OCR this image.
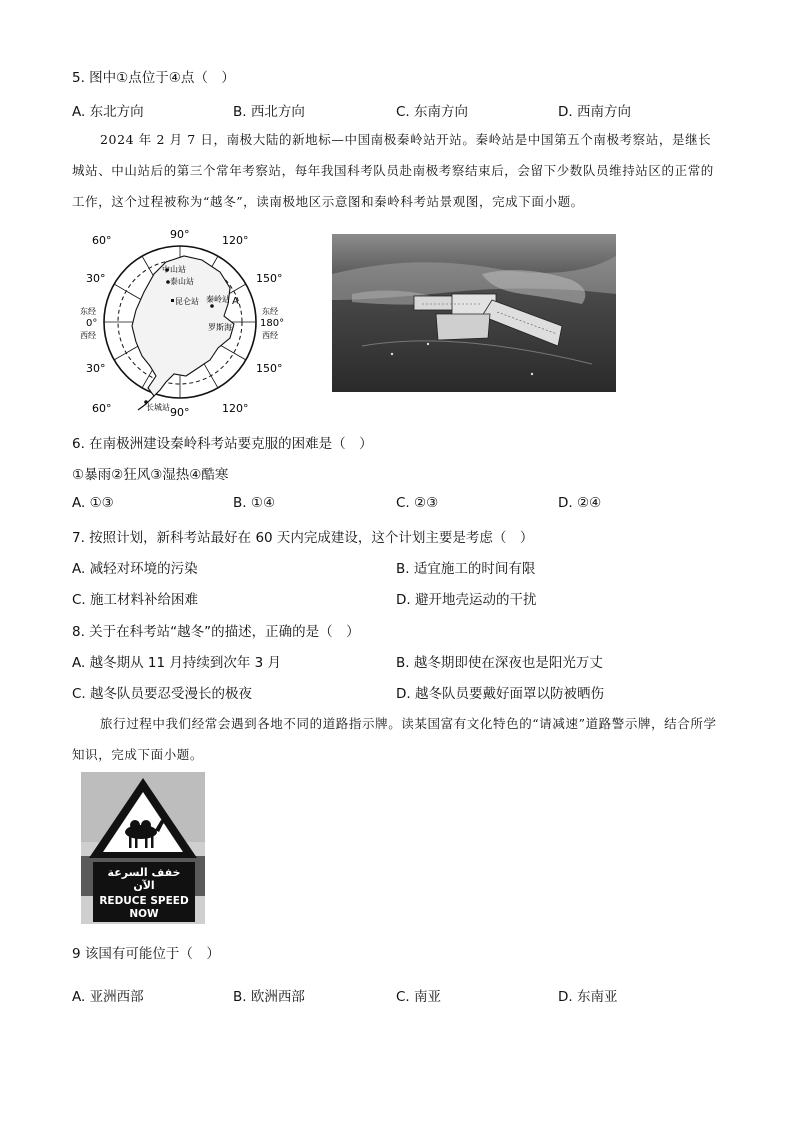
5. 图中①点位于④点（　）
A. 东北方向	B. 西北方向	C. 东南方向	D. 西南方向
2024 年 2 月 7 日，南极大陆的新地标—中国南极秦岭站开站。秦岭站是中国第五个南极考察站，是继长城站、中山站后的第三个常年考察站，每年我国科考队员赴南极考察结束后，会留下少数队员维持站区的正常的工作，这个过程被称为“越冬”，读南极地区示意图和秦岭科考站景观图，完成下面小题。
60°	90°	120°
60°	90°	120°
30°
东经
0°
西经
30°
150°
东经
180°
西经
150°
中山站
泰山站
昆仑站 秦岭站 A
罗斯海
长城站
6. 在南极洲建设秦岭科考站要克服的困难是（　）
①暴雨②狂风③湿热④酷寒
A. ①③	B. ①④	C. ②③	D. ②④
7. 按照计划，新科考站最好在 60 天内完成建设，这个计划主要是考虑（　）
A. 减轻对环境的污染	B. 适宜施工的时间有限
C. 施工材料补给困难	D. 避开地壳运动的干扰
8. 关于在科考站“越冬”的描述，正确的是（　）
A. 越冬期从 11 月持续到次年 3 月	B. 越冬期即使在深夜也是阳光万丈
C. 越冬队员要忍受漫长的极夜	D. 越冬队员要戴好面罩以防被晒伤
旅行过程中我们经常会遇到各地不同的道路指示牌。读某国富有文化特色的“请减速”道路警示牌，结合所学知识，完成下面小题。
خفف السرعة
الآن
REDUCE SPEED
NOW
9 该国有可能位于（　）
A. 亚洲西部	B. 欧洲西部	C. 南亚	D. 东南亚
